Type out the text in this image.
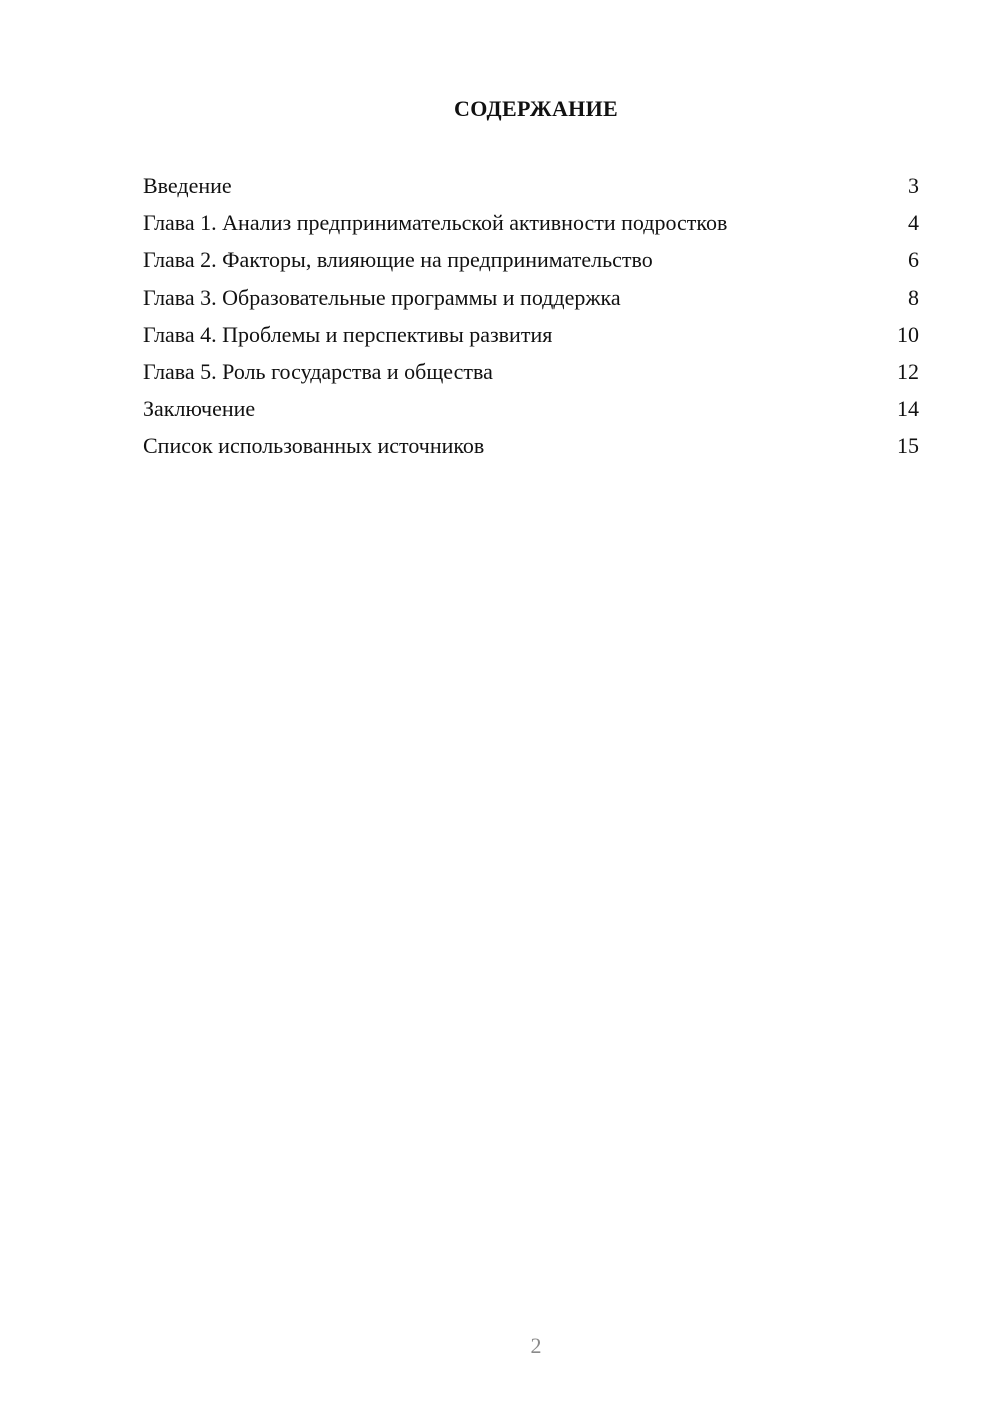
СОДЕРЖАНИЕ
Введение	3
Глава 1. Анализ предпринимательской активности подростков	4
Глава 2. Факторы, влияющие на предпринимательство	6
Глава 3. Образовательные программы и поддержка	8
Глава 4. Проблемы и перспективы развития	10
Глава 5. Роль государства и общества	12
Заключение	14
Список использованных источников	15
2
